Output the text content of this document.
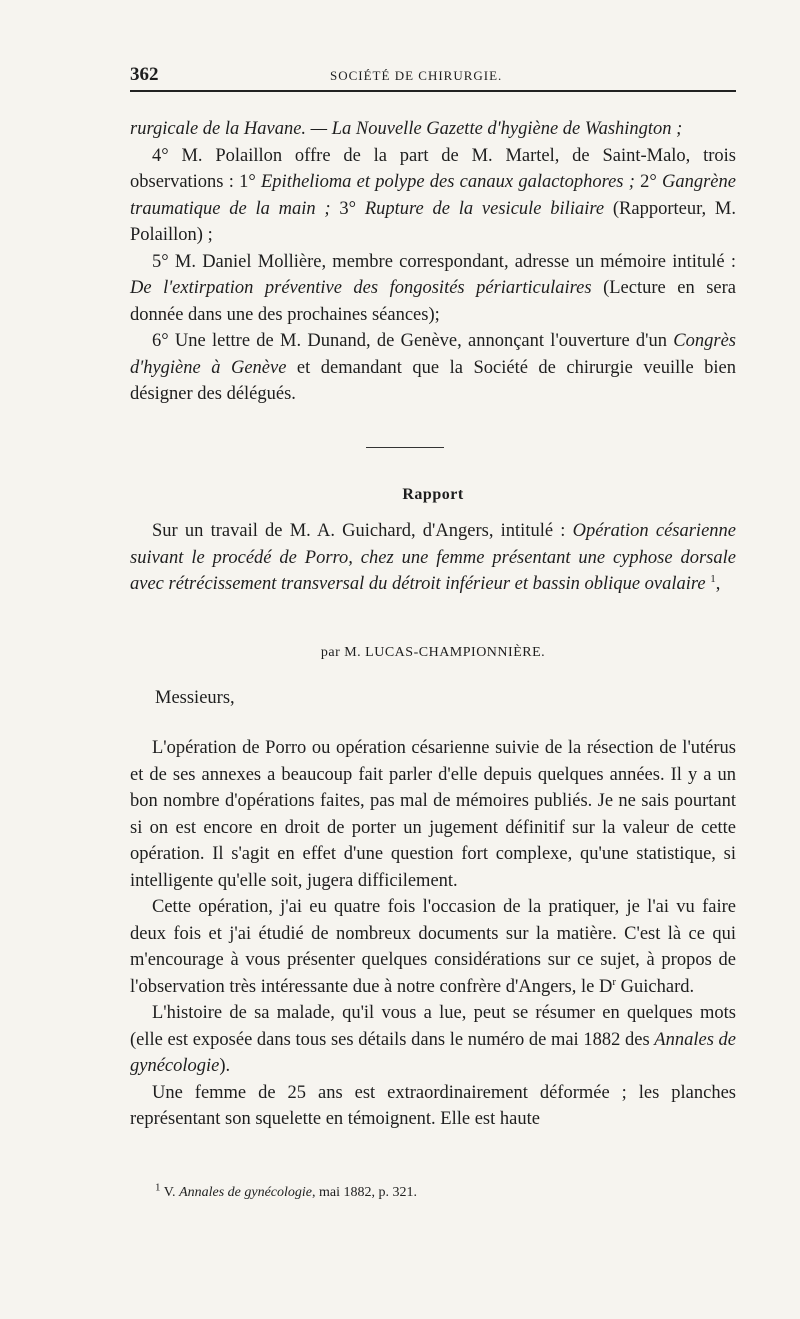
362	SOCIÉTÉ DE CHIRURGIE.

rurgicale de la Havane. — La Nouvelle Gazette d'hygiène de Washington ;

4° M. Polaillon offre de la part de M. Martel, de Saint-Malo, trois observations : 1° Epithelioma et polype des canaux galactophores ; 2° Gangrène traumatique de la main ; 3° Rupture de la vesicule biliaire (Rapporteur, M. Polaillon) ;

5° M. Daniel Mollière, membre correspondant, adresse un mémoire intitulé : De l'extirpation préventive des fongosités périarticulaires (Lecture en sera donnée dans une des prochaines séances);

6° Une lettre de M. Dunand, de Genève, annonçant l'ouverture d'un Congrès d'hygiène à Genève et demandant que la Société de chirurgie veuille bien désigner des délégués.

Rapport

Sur un travail de M. A. Guichard, d'Angers, intitulé : Opération césarienne suivant le procédé de Porro, chez une femme présentant une cyphose dorsale avec rétrécissement transversal du détroit inférieur et bassin oblique ovalaire $^1$,

par M. LUCAS-CHAMPIONNIÈRE.
Messieurs,

L'opération de Porro ou opération césarienne suivie de la résection de l'utérus et de ses annexes a beaucoup fait parler d'elle depuis quelques années. Il y a un bon nombre d'opérations faites, pas mal de mémoires publiés. Je ne sais pourtant si on est encore en droit de porter un jugement définitif sur la valeur de cette opération. Il s'agit en effet d'une question fort complexe, qu'une statistique, si intelligente qu'elle soit, jugera difficilement.

Cette opération, j'ai eu quatre fois l'occasion de la pratiquer, je l'ai vu faire deux fois et j'ai étudié de nombreux documents sur la matière. C'est là ce qui m'encourage à vous présenter quelques considérations sur ce sujet, à propos de l'observation très intéressante due à notre confrère d'Angers, le $D^r$ Guichard.

L'histoire de sa malade, qu'il vous a lue, peut se résumer en quelques mots (elle est exposée dans tous ses détails dans le numéro de mai 1882 des Annales de gynécologie).

Une femme de 25 ans est extraordinairement déformée ; les planches représentant son squelette en témoignent. Elle est haute

$^1$ V. Annales de gynécologie, mai 1882, p. 321.
